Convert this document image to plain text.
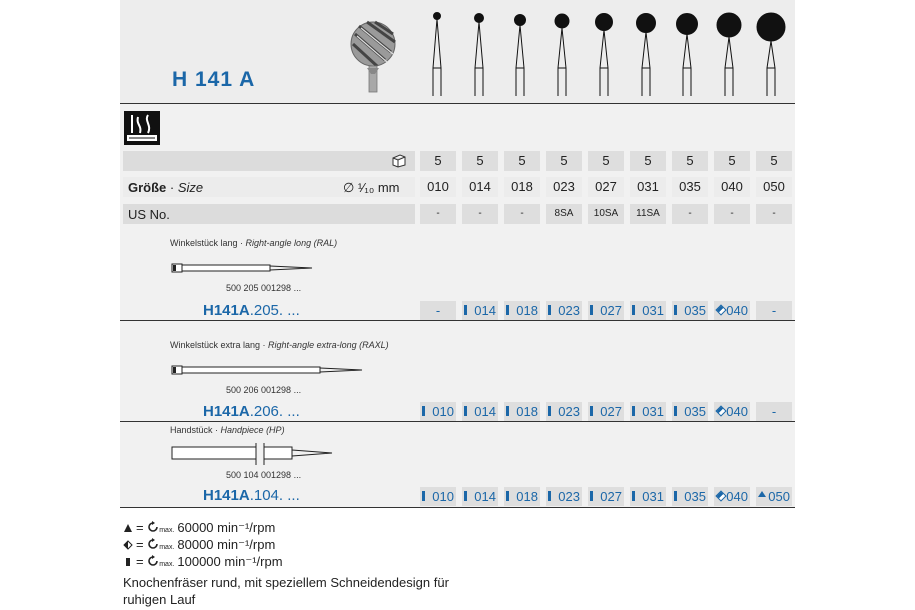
H 141 A
5	5	5	5	5	5	5	5	5
Größe · Size	∅ ¹⁄₁₀ mm	010	014	018	023	027	031	035	040	050
US No.	-	-	-	8SA	10SA	11SA	-	-	-
Winkelstück lang · Right-angle long (RAL)
500 205 001298 ...
H141A.205. ...	-	014	018	023	027	031	035	040	-
Winkelstück extra lang · Right-angle extra-long (RAXL)
500 206 001298 ...
H141A.206. ...	010	014	018	023	027	031	035	040	-
Handstück · Handpiece (HP)
500 104 001298 ...
H141A.104. ...	010	014	018	023	027	031	035	040	050
= max. 60000 min⁻¹/rpm
= max. 80000 min⁻¹/rpm
= max. 100000 min⁻¹/rpm
Knochenfräser rund, mit speziellem Schneidendesign für
ruhigen Lauf
